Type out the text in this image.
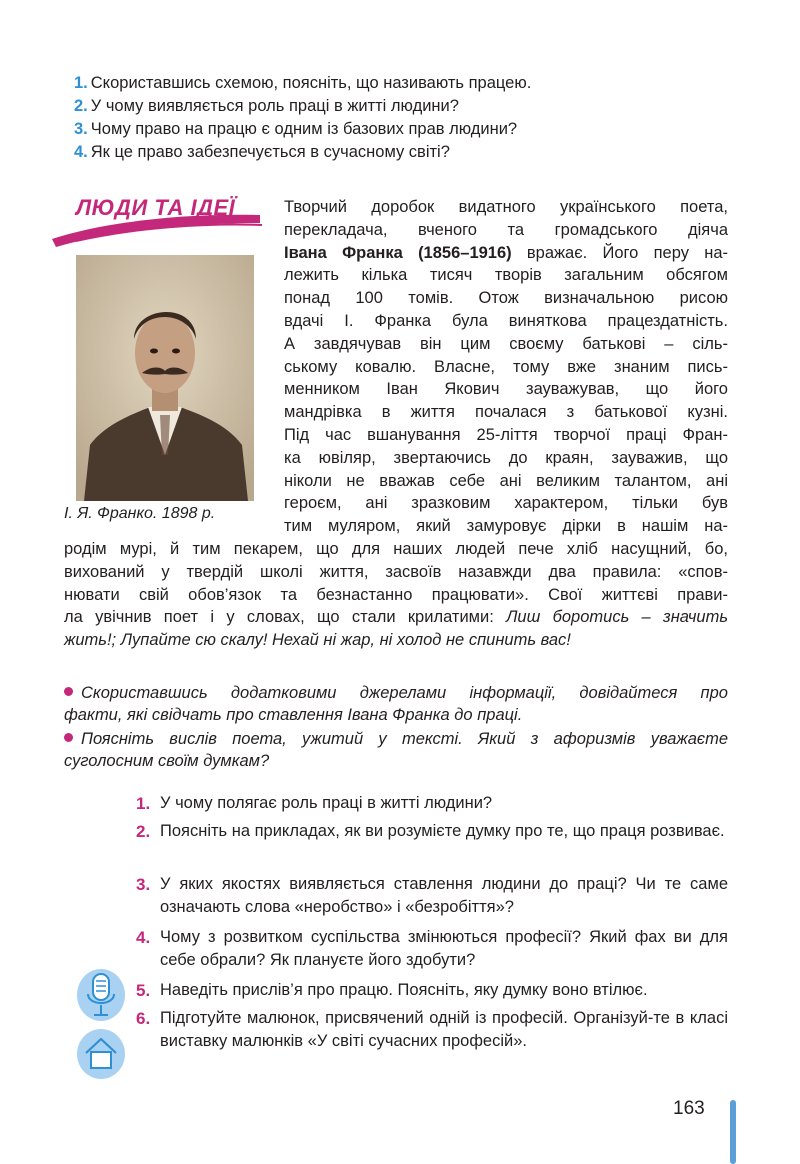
1. Скориставшись схемою, поясніть, що називають працею.
2. У чому виявляється роль праці в житті людини?
3. Чому право на працю є одним із базових прав людини?
4. Як це право забезпечується в сучасному світі?
ЛЮДИ ТА ІДЕЇ
І. Я. Франко. 1898 р.
Творчий доробок видатного українського поета,
перекладача, вченого та громадського діяча
Івана Франка (1856–1916) вражає. Його перу на-
лежить кілька тисяч творів загальним обсягом
понад 100 томів. Отож визначальною рисою
вдачі І. Франка була виняткова працездатність.
А завдячував він цим своєму батькові – сіль-
ському ковалю. Власне, тому вже знаним пись-
менником Іван Якович зауважував, що його
мандрівка в життя почалася з батькової кузні.
Під час вшанування 25-ліття творчої праці Фран-
ка ювіляр, звертаючись до краян, зауважив, що
ніколи не вважав себе ані великим талантом, ані
героєм, ані зразковим характером, тільки був
тим муляром, який замуровує дірки в нашім на-
родім мурі, й тим пекарем, що для наших людей пече хліб насущний, бо,
вихований у твердій школі життя, засвоїв назавжди два правила: «спов-
нювати свій обов’язок та безнастанно працювати». Свої життєві прави-
ла увічнив поет і у словах, що стали крилатими: Лиш боротись – значить
жить!; Лупайте сю скалу! Нехай ні жар, ні холод не спинить вас!
Скориставшись додатковими джерелами інформації, довідайтеся про
факти, які свідчать про ставлення Івана Франка до праці.
Поясніть вислів поета, ужитий у тексті. Який з афоризмів уважаєте
суголосним своїм думкам?
1. У чому полягає роль праці в житті людини?
2. Поясніть на прикладах, як ви розумієте думку про те, що праця розвиває.
3. У яких якостях виявляється ставлення людини до праці? Чи те саме означають слова «неробство» і «безробіття»?
4. Чому з розвитком суспільства змінюються професії? Який фах ви для себе обрали? Як плануєте його здобути?
5. Наведіть прислів’я про працю. Поясніть, яку думку воно втілює.
6. Підготуйте малюнок, присвячений одній із професій. Організуй-те в класі виставку малюнків «У світі сучасних професій».
163
